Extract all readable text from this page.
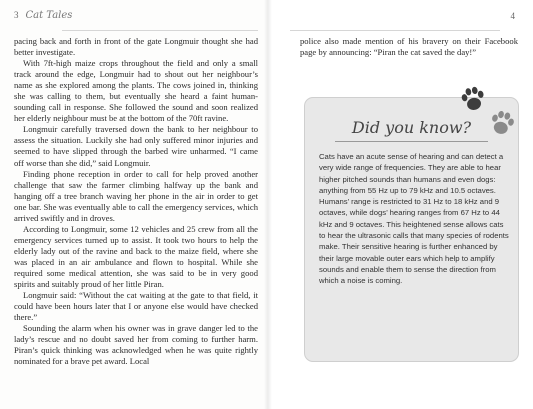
3 Cat Tales	4

pacing back and forth in front of the gate Longmuir thought she had better investigate.

With 7ft-high maize crops throughout the field and only a small track around the edge, Longmuir had to shout out her neighbour’s name as she explored among the plants. The cows joined in, thinking she was calling to them, but eventually she heard a faint human-sounding call in response. She followed the sound and soon realized her elderly neighbour must be at the bottom of the 70ft ravine.

Longmuir carefully traversed down the bank to her neighbour to assess the situation. Luckily she had only suffered minor injuries and seemed to have slipped through the barbed wire unharmed. “I came off worse than she did,” said Longmuir.

Finding phone reception in order to call for help proved another challenge that saw the farmer climbing halfway up the bank and hanging off a tree branch waving her phone in the air in order to get one bar. She was eventually able to call the emergency services, which arrived swiftly and in droves.

According to Longmuir, some 12 vehicles and 25 crew from all the emergency services turned up to assist. It took two hours to help the elderly lady out of the ravine and back to the maize field, where she was placed in an air ambulance and flown to hospital. While she required some medical attention, she was said to be in very good spirits and suitably proud of her little Piran.

Longmuir said: “Without the cat waiting at the gate to that field, it could have been hours later that I or anyone else would have checked there.”

Sounding the alarm when his owner was in grave danger led to the lady’s rescue and no doubt saved her from coming to further harm. Piran’s quick thinking was acknowledged when he was quite rightly nominated for a brave pet award. Local

police also made mention of his bravery on their Facebook page by announcing: “Piran the cat saved the day!”

Did you know?
Cats have an acute sense of hearing and can detect a very wide range of frequencies. They are able to hear higher pitched sounds than humans and even dogs: anything from 55 Hz up to 79 kHz and 10.5 octaves. Humans’ range is restricted to 31 Hz to 18 kHz and 9 octaves, while dogs’ hearing ranges from 67 Hz to 44 kHz and 9 octaves. This heightened sense allows cats to hear the ultrasonic calls that many species of rodents make. Their sensitive hearing is further enhanced by their large movable outer ears which help to amplify sounds and enable them to sense the direction from which a noise is coming.
